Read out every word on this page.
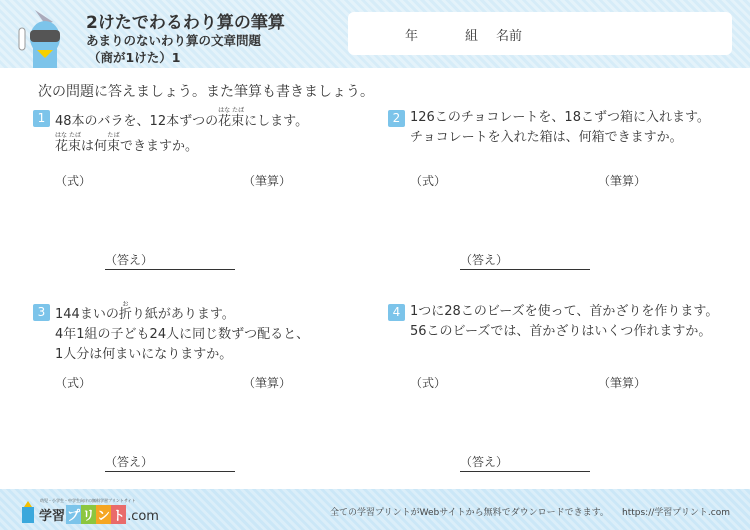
2けたでわるわり算の筆算
あまりのないわり算の文章問題
（商が1けた）1
年	組 名前
次の問題に答えましょう。また筆算も書きましょう。
1 48本のバラを、12本ずつの花束はな たばにします。
花束はな たばは何束たばできますか。
（式）	（筆算）
（答え）
2 126このチョコレートを、18こずつ箱に入れます。
チョコレートを入れた箱は、何箱できますか。
（式）	（筆算）
（答え）
3 144まいの折おり紙があります。
4年1組の子ども24人に同じ数ずつ配ると、
1人分は何まいになりますか。
（式）	（筆算）
（答え）
4 1つに28このビーズを使って、首かざりを作ります。
56このビーズでは、首かざりはいくつ作れますか。
（式）	（筆算）
（答え）
幼児・小学生・中学生向けの無料学習プリントサイト
学習 プ リ ン ト .com	全ての学習プリントがWebサイトから無料でダウンロードできます。 https://学習プリント.com
